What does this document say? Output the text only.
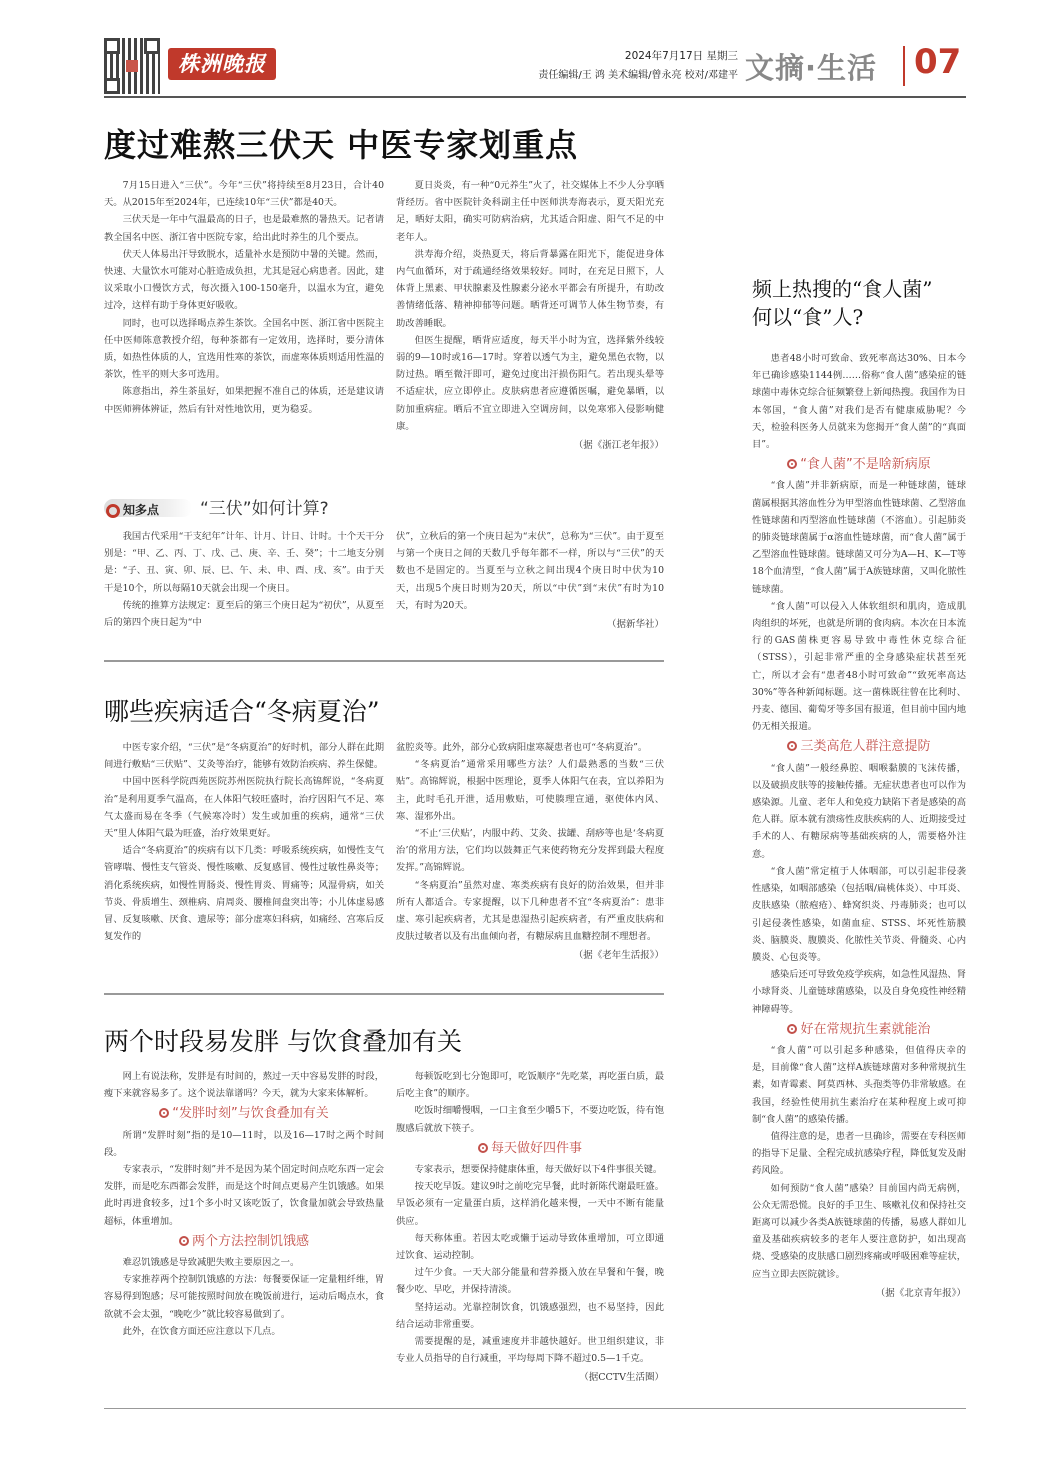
株洲晚报	2024年7月17日 星期三
责任编辑/王 鸿 美术编辑/曾永亮 校对/邓建平 文摘·生活 07
度过难熬三伏天 中医专家划重点

7月15日进入“三伏”。今年“三伏”将持续至8月23日，合计40天。从2015年至2024年，已连续10年“三伏”都是40天。

三伏天是一年中气温最高的日子，也是最难熬的暑热天。记者请教全国名中医、浙江省中医院专家，给出此时养生的几个要点。

伏天人体易出汗导致脱水，适量补水是预防中暑的关键。然而，快速、大量饮水可能对心脏造成负担，尤其是冠心病患者。因此，建议采取小口慢饮方式，每次摄入100-150毫升，以温水为宜，避免过冷，这样有助于身体更好吸收。

同时，也可以选择喝点养生茶饮。全国名中医、浙江省中医院主任中医师陈意教授介绍，每种茶都有一定效用，选择时，要分清体质，如热性体质的人，宜选用性寒的茶饮，而虚寒体质则适用性温的茶饮，性平的则大多可选用。

陈意指出，养生茶虽好，如果把握不准自己的体质，还是建议请中医师辨体辨证，然后有针对性地饮用，更为稳妥。

夏日炎炎，有一种“0元养生”火了，社交媒体上不少人分享晒背经历。省中医院针灸科副主任中医师洪寿海表示，夏天阳光充足，晒好太阳，确实可防病治病，尤其适合阳虚、阳气不足的中老年人。

洪寿海介绍，炎热夏天，将后背暴露在阳光下，能促进身体内气血循环，对于疏通经络效果较好。同时，在充足日照下，人体背上黑素、甲状腺素及性腺素分泌水平都会有所提升，有助改善情绪低落、精神抑郁等问题。晒背还可调节人体生物节奏，有助改善睡眠。

但医生提醒，晒背应适度，每天半小时为宜，选择紫外线较弱的9—10时或16—17时。穿着以透气为主，避免黑色衣物，以防过热。晒至微汗即可，避免过度出汗损伤阳气。若出现头晕等不适症状，应立即停止。皮肤病患者应遵循医嘱，避免暴晒，以防加重病症。晒后不宜立即进入空调房间，以免寒邪入侵影响健康。

（据《浙江老年报》）
知多点	“三伏”如何计算?

我国古代采用“干支纪年”计年、计月、计日、计时。十个天干分别是：“甲、乙、丙、丁、戊、己、庚、辛、壬、癸”；十二地支分别是：“子、丑、寅、卯、辰、巳、午、未、申、酉、戌、亥”。由于天干是10个，所以每隔10天就会出现一个庚日。

传统的推算方法规定：夏至后的第三个庚日起为“初伏”，从夏至后的第四个庚日起为“中

伏”，立秋后的第一个庚日起为“末伏”，总称为“三伏”。由于夏至与第一个庚日之间的天数几乎每年都不一样，所以与“三伏”的天数也不是固定的。当夏至与立秋之间出现4个庚日时中伏为10天，出现5个庚日时则为20天，所以“中伏”到“末伏”有时为10天，有时为20天。

（据新华社）
哪些疾病适合“冬病夏治”

中医专家介绍，“三伏”是“冬病夏治”的好时机，部分人群在此期间进行敷贴“三伏贴”、艾灸等治疗，能够有效防治疾病、养生保健。

中国中医科学院西苑医院苏州医院执行院长高锦辉说，“冬病夏治”是利用夏季气温高，在人体阳气较旺盛时，治疗因阳气不足、寒气太盛而易在冬季（气候寒冷时）发生或加重的疾病，通常“三伏天”里人体阳气最为旺盛，治疗效果更好。

适合“冬病夏治”的疾病有以下几类：呼吸系统疾病，如慢性支气管哮喘、慢性支气管炎、慢性咳嗽、反复感冒、慢性过敏性鼻炎等；消化系统疾病，如慢性胃肠炎、慢性胃炎、胃痛等；风湿骨病，如关节炎、骨质增生、颈椎病、肩周炎、腰椎间盘突出等；小儿体虚易感冒、反复咳嗽、厌食、遗尿等；部分虚寒妇科病，如痛经、宫寒后反复发作的

盆腔炎等。此外，部分心致病阳虚寒凝患者也可“冬病夏治”。

“冬病夏治”通常采用哪些方法？人们最熟悉的当数“三伏贴”。高锦辉说，根据中医理论，夏季人体阳气在表，宜以养阳为主，此时毛孔开泄，适用敷贴，可使腠理宣通，驱使体内风、寒、湿邪外出。

“不止‘三伏贴’，内服中药、艾灸、拔罐、刮痧等也是‘冬病夏治’的常用方法，它们均以鼓舞正气来使药物充分发挥到最大程度发挥。”高锦辉说。

“冬病夏治”虽然对虚、寒类疾病有良好的防治效果，但并非所有人都适合。专家提醒，以下几种患者不宜“冬病夏治”：患非虚、寒引起疾病者，尤其是患湿热引起疾病者，有严重皮肤病和皮肤过敏者以及有出血倾向者，有糖尿病且血糖控制不理想者。

（据《老年生活报》）
两个时段易发胖 与饮食叠加有关

网上有说法称，发胖是有时间的，熬过一天中容易发胖的时段，瘦下来就容易多了。这个说法靠谱吗？今天，就为大家来体解析。

“发胖时刻”与饮食叠加有关

所谓“发胖时刻”指的是10—11时，以及16—17时之两个时间段。

专家表示，“发胖时刻”并不是因为某个固定时间点吃东西一定会发胖，而是吃东西都会发胖，而是这个时间点更易产生饥饿感。如果此时再进食较多，过1个多小时又该吃饭了，饮食量加就会导致热量超标，体重增加。

两个方法控制饥饿感

难忍饥饿感是导致减肥失败主要原因之一。

专家推荐两个控制饥饿感的方法：每餐要保证一定量粗纤维，胃容易得到饱感；尽可能按照时间放在晚饭前进行，运动后喝点水，食欲就不会太强，“晚吃少”就比较容易做到了。

此外，在饮食方面还应注意以下几点。

每顿饭吃到七分饱即可，吃饭顺序“先吃菜，再吃蛋白质，最后吃主食”的顺序。

吃饭时细嚼慢咽，一口主食至少嚼5下，不要边吃饭，待有饱腹感后就放下筷子。

每天做好四件事

专家表示，想要保持健康体重，每天做好以下4件事很关键。

按天吃早饭。建议9时之前吃完早餐，此时新陈代谢最旺盛。早饭必须有一定量蛋白质，这样消化越来慢，一天中不断有能量供应。

每天称体重。若因太吃或懒于运动导致体重增加，可立即通过饮食、运动控制。

过午少食。一天大部分能量和营养摄入放在早餐和午餐，晚餐少吃、早吃，并保持清淡。

坚持运动。光靠控制饮食，饥饿感强烈，也不易坚持，因此结合运动非常重要。

需要提醒的是，减重速度并非越快越好。世卫组织建议，非专业人员指导的自行减重，平均每周下降不超过0.5—1千克。

（据CCTV生活圈）
频上热搜的“食人菌”
何以“食”人?

患者48小时可致命、致死率高达30%、日本今年已确诊感染1144例……俗称“食人菌”感染症的链球菌中毒休克综合征频繁登上新闻热搜。我国作为日本邻国，“食人菌”对我们是否有健康威胁呢？今天，检验科医务人员就来为您揭开“食人菌”的“真面目”。

“食人菌”不是啥新病原

“食人菌”并非新病原，而是一种链球菌，链球菌属根据其溶血性分为甲型溶血性链球菌、乙型溶血性链球菌和丙型溶血性链球菌（不溶血）。引起肺炎的肺炎链球菌属于α溶血性链球菌，而“食人菌”属于乙型溶血性链球菌。链球菌又可分为A—H、K—T等18个血清型，“食人菌”属于A族链球菌，又叫化脓性链球菌。

“食人菌”可以侵入人体软组织和肌肉，造成肌肉组织的坏死，也就是所谓的食肉病。本次在日本流行的GAS菌株更容易导致中毒性休克综合征（STSS），引起非常严重的全身感染症状甚至死亡，所以才会有“患者48小时可致命”“致死率高达30%”等各种新闻标题。这一菌株既往曾在比利时、丹麦、德国、葡萄牙等多国有报道，但目前中国内地仍无相关报道。

三类高危人群注意提防

“食人菌”一般经鼻腔、咽喉黏膜的飞沫传播，以及破损皮肤等的接触传播。无症状患者也可以作为感染源。儿童、老年人和免疫力缺陷下者是感染的高危人群。原本就有溃疡性皮肤疾病的人、近期接受过手术的人、有糖尿病等基础疾病的人，需要格外注意。

“食人菌”常定植于人体咽部，可以引起非侵袭性感染，如咽部感染（包括咽/扁桃体炎）、中耳炎、皮肤感染（脓疱疮）、蜂窝织炎、丹毒肺炎；也可以引起侵袭性感染，如菌血症、STSS、坏死性筋膜炎、脑膜炎、腹膜炎、化脓性关节炎、骨髓炎、心内膜炎、心包炎等。

感染后还可导致免疫学疾病，如急性风湿热、肾小球肾炎、儿童链球菌感染，以及自身免疫性神经精神障碍等。

好在常规抗生素就能治

“食人菌”可以引起多种感染，但值得庆幸的是，目前像“食人菌”这样A族链球菌对多种常规抗生素，如青霉素、阿莫西林、头孢类等仍非常敏感。在我国，经验性使用抗生素治疗在某种程度上或可抑制“食人菌”的感染传播。

值得注意的是，患者一旦确诊，需要在专科医师的指导下足量、全程完成抗感染疗程，降低复发及耐药风险。

如何预防“食人菌”感染？目前国内尚无病例，公众无需恐慌。良好的手卫生、咳嗽礼仪和保持社交距离可以减少各类A族链球菌的传播，易感人群如儿童及基础疾病较多的老年人要注意防护，如出现高烧、受感染的皮肤感口剧烈疼痛或呼吸困难等症状，应当立即去医院就诊。

（据《北京青年报》）
